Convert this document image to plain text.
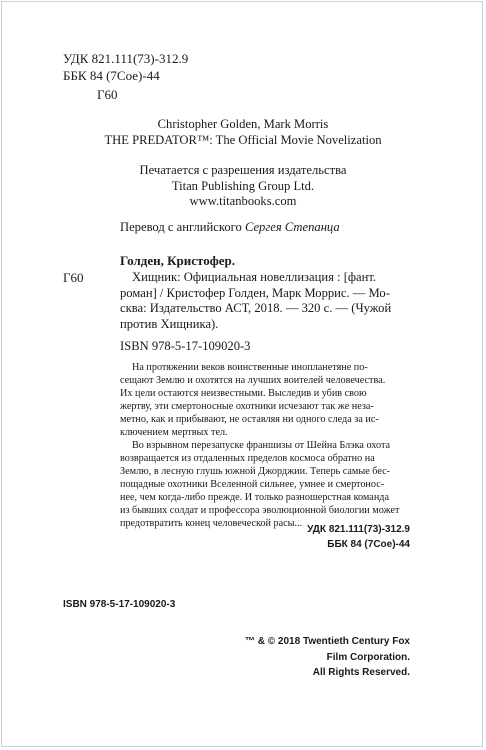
УДК 821.111(73)-312.9
ББК 84 (7Сое)-44
Г60
Christopher Golden, Mark Morris
THE PREDATOR™: The Official Movie Novelization
Печатается с разрешения издательства
Titan Publishing Group Ltd.
www.titanbooks.com
Перевод с английского Сергея Степанца
Голден, Кристофер.
Г60	Хищник: Официальная новеллизация : [фант.
роман] / Кристофер Голден, Марк Моррис. — Мо-
сква: Издательство АСТ, 2018. — 320 с. — (Чужой
против Хищника).
ISBN 978-5-17-109020-3
На протяжении веков воинственные инопланетяне по-
сещают Землю и охотятся на лучших воителей человечества.
Их цели остаются неизвестными. Выследив и убив свою
жертву, эти смертоносные охотники исчезают так же неза-
метно, как и прибывают, не оставляя ни одного следа за ис-
ключением мертвых тел.
Во взрывном перезапуске франшизы от Шейна Блэка охота
возвращается из отдаленных пределов космоса обратно на
Землю, в лесную глушь южной Джорджии. Теперь самые бес-
пощадные охотники Вселенной сильнее, умнее и смертонос-
нее, чем когда-либо прежде. И только разношерстная команда
из бывших солдат и профессора эволюционной биологии может
предотвратить конец человеческой расы...
УДК 821.111(73)-312.9
ББК 84 (7Сое)-44
ISBN 978-5-17-109020-3
™ & © 2018 Twentieth Century Fox
Film Corporation.
All Rights Reserved.
